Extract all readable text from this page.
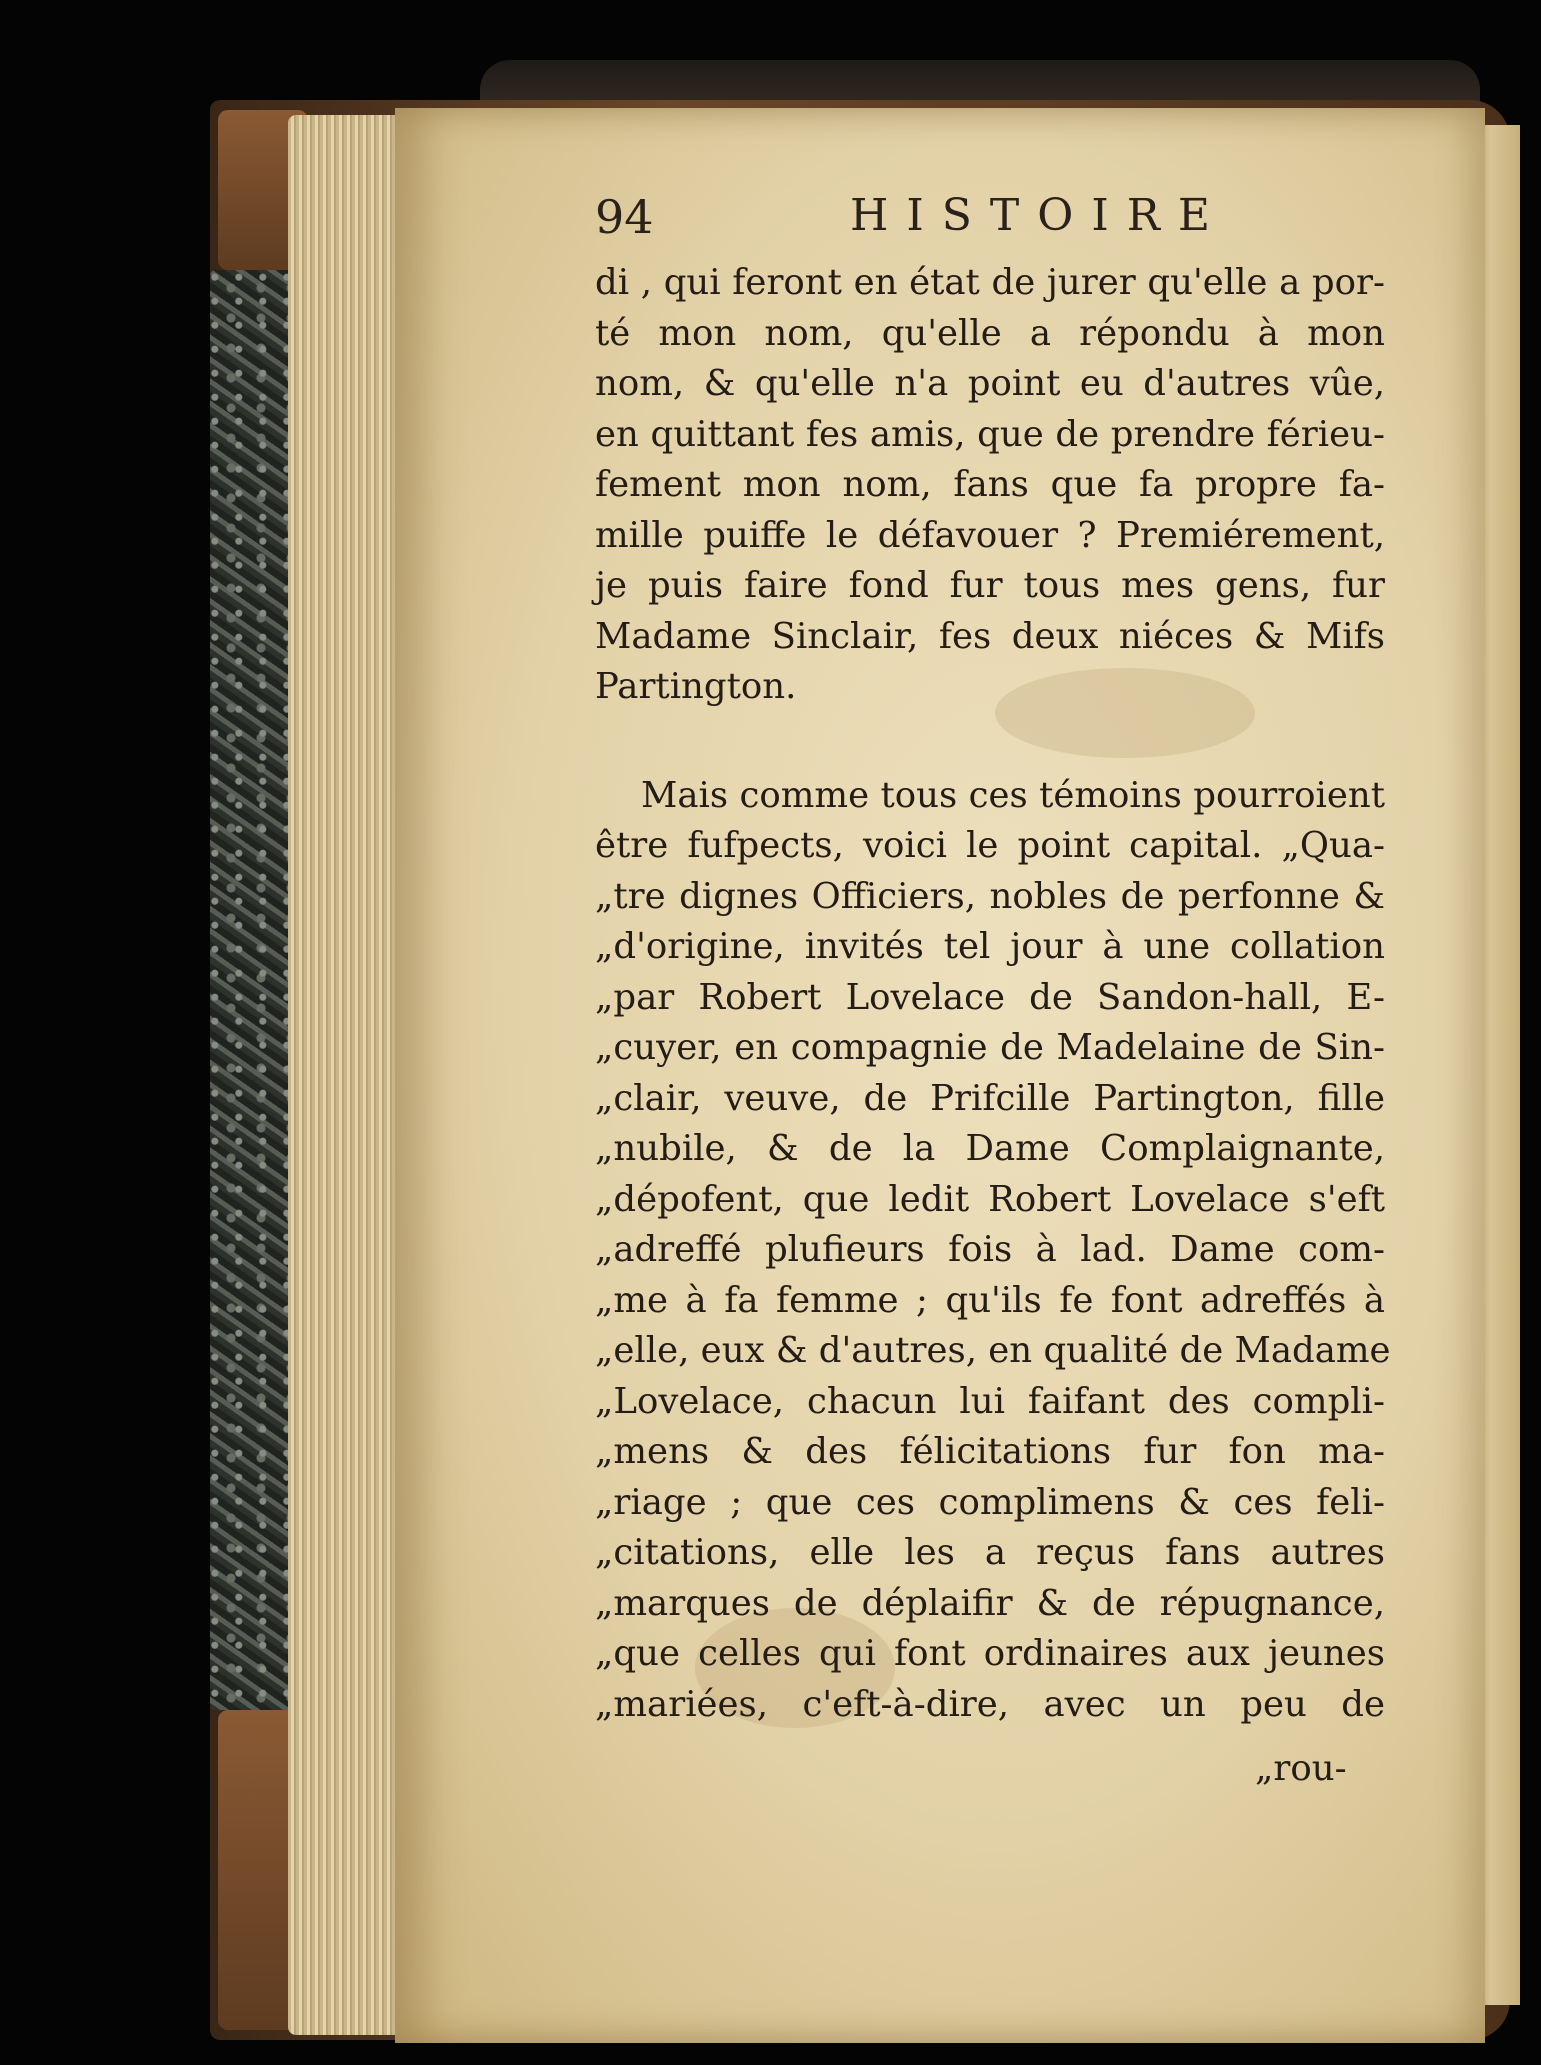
94	HISTOIRE
di , qui feront en état de jurer qu'elle a por-
té mon nom, qu'elle a répondu à mon
nom, & qu'elle n'a point eu d'autres vûe,
en quittant fes amis, que de prendre férieu-
fement mon nom, fans que fa propre fa-
mille puiffe le défavouer ? Premiérement,
je puis faire fond fur tous mes gens, fur
Madame Sinclair, fes deux niéces & Mifs
Partington.
Mais comme tous ces témoins pourroient
être fufpects, voici le point capital. „Qua-
„tre dignes Officiers, nobles de perfonne &
„d'origine, invités tel jour à une collation
„par Robert Lovelace de Sandon-hall, E-
„cuyer, en compagnie de Madelaine de Sin-
„clair, veuve, de Prifcille Partington, fille
„nubile, & de la Dame Complaignante,
„dépofent, que ledit Robert Lovelace s'eft
„adreffé plufieurs fois à lad. Dame com-
„me à fa femme ; qu'ils fe font adreffés à
„elle, eux & d'autres, en qualité de Madame
„Lovelace, chacun lui faifant des compli-
„mens & des félicitations fur fon ma-
„riage ; que ces complimens & ces feli-
„citations, elle les a reçus fans autres
„marques de déplaifir & de répugnance,
„que celles qui font ordinaires aux jeunes
„mariées, c'eft-à-dire, avec un peu de
„rou-
